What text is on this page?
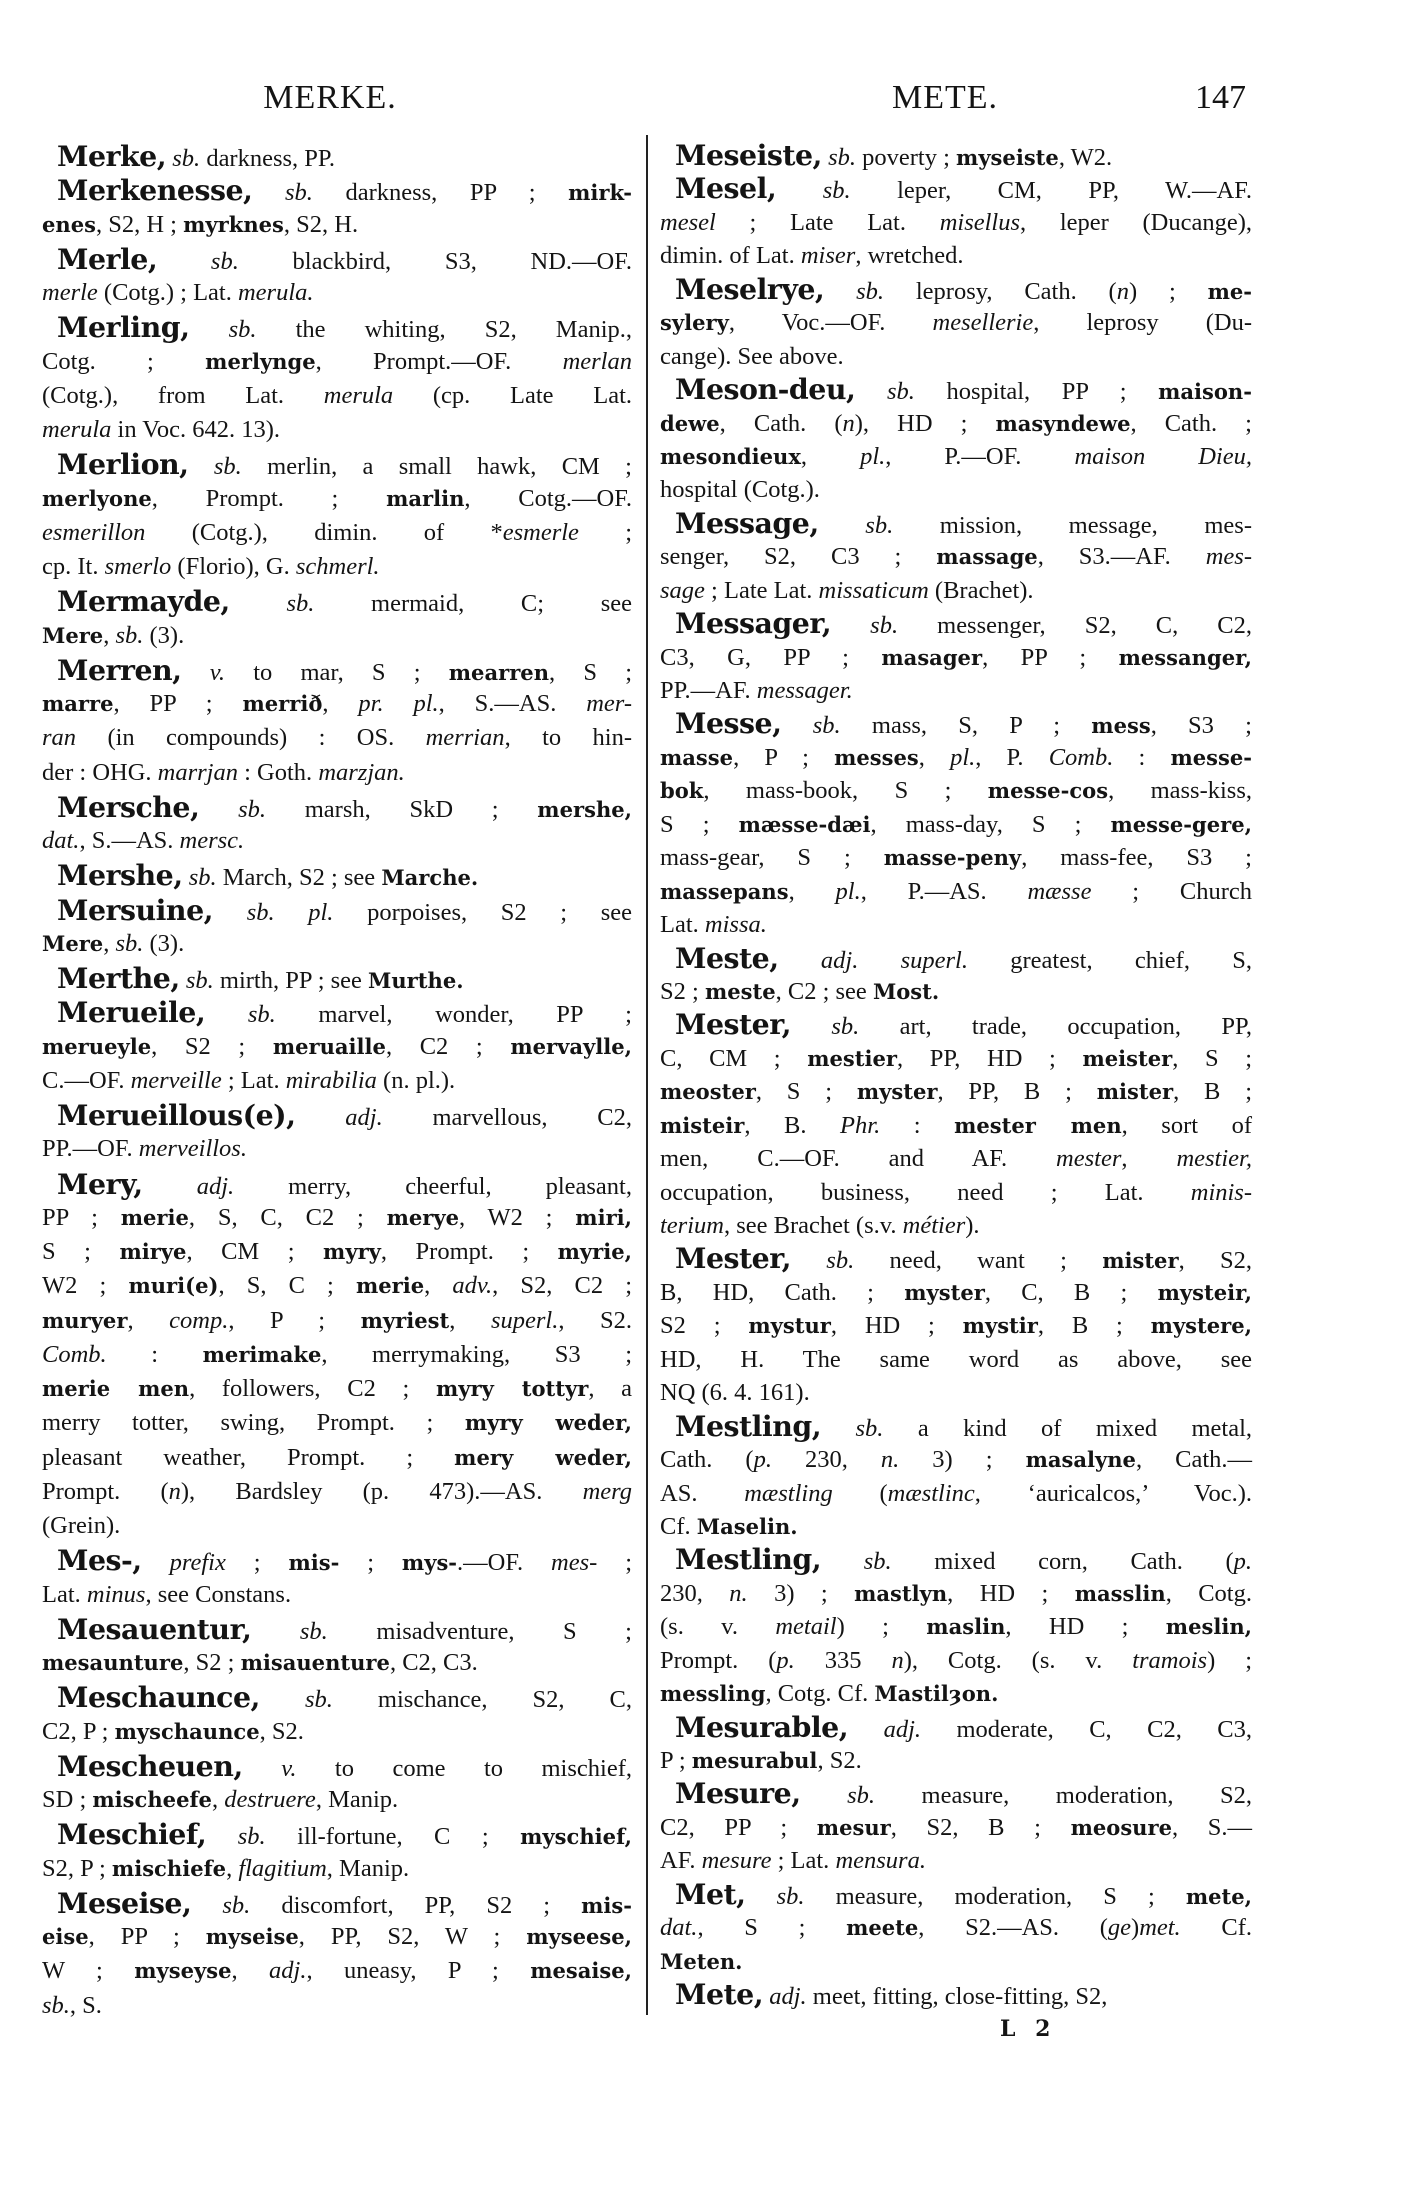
MERKE.	METE.	147
Merke, sb. darkness, PP.
Merkenesse, sb. darkness, PP ; mirk-
enes, S2, H ; myrknes, S2, H.
Merle, sb. blackbird, S3, ND.—OF.
merle (Cotg.) ; Lat. merula.
Merling, sb. the whiting, S2, Manip.,
Cotg. ; merlynge, Prompt.—OF. merlan
(Cotg.), from Lat. merula (cp. Late Lat.
merula in Voc. 642. 13).
Merlion, sb. merlin, a small hawk, CM ;
merlyone, Prompt. ; marlin, Cotg.—OF.
esmerillon (Cotg.), dimin. of *esmerle ;
cp. It. smerlo (Florio), G. schmerl.
Mermayde, sb. mermaid, C; see
Mere, sb. (3).
Merren, v. to mar, S ; mearren, S ;
marre, PP ; merrið, pr. pl., S.—AS. mer-
ran (in compounds) : OS. merrian, to hin-
der : OHG. marrjan : Goth. marzjan.
Mersche, sb. marsh, SkD ; mershe,
dat., S.—AS. mersc.
Mershe, sb. March, S2 ; see Marche.
Mersuine, sb. pl. porpoises, S2 ; see
Mere, sb. (3).
Merthe, sb. mirth, PP ; see Murthe.
Merueile, sb. marvel, wonder, PP ;
merueyle, S2 ; meruaille, C2 ; mervaylle,
C.—OF. merveille ; Lat. mirabilia (n. pl.).
Merueillous(e), adj. marvellous, C2,
PP.—OF. merveillos.
Mery, adj. merry, cheerful, pleasant,
PP ; merie, S, C, C2 ; merye, W2 ; miri,
S ; mirye, CM ; myry, Prompt. ; myrie,
W2 ; muri(e), S, C ; merie, adv., S2, C2 ;
muryer, comp., P ; myriest, superl., S2.
Comb. : merimake, merrymaking, S3 ;
merie men, followers, C2 ; myry tottyr, a
merry totter, swing, Prompt. ; myry weder,
pleasant weather, Prompt. ; mery weder,
Prompt. (n), Bardsley (p. 473).—AS. merg
(Grein).
Mes-, prefix ; mis- ; mys-.—OF. mes- ;
Lat. minus, see Constans.
Mesauentur, sb. misadventure, S ;
mesaunture, S2 ; misauenture, C2, C3.
Meschaunce, sb. mischance, S2, C,
C2, P ; myschaunce, S2.
Mescheuen, v. to come to mischief,
SD ; mischeefe, destruere, Manip.
Meschief, sb. ill-fortune, C ; myschief,
S2, P ; mischiefe, flagitium, Manip.
Meseise, sb. discomfort, PP, S2 ; mis-
eise, PP ; myseise, PP, S2, W ; myseese,
W ; myseyse, adj., uneasy, P ; mesaise,
sb., S.
Meseiste, sb. poverty ; myseiste, W2.
Mesel, sb. leper, CM, PP, W.—AF.
mesel ; Late Lat. misellus, leper (Ducange),
dimin. of Lat. miser, wretched.
Meselrye, sb. leprosy, Cath. (n) ; me-
sylery, Voc.—OF. mesellerie, leprosy (Du-
cange). See above.
Meson-deu, sb. hospital, PP ; maison-
dewe, Cath. (n), HD ; masyndewe, Cath. ;
mesondieux, pl., P.—OF. maison Dieu,
hospital (Cotg.).
Message, sb. mission, message, mes-
senger, S2, C3 ; massage, S3.—AF. mes-
sage ; Late Lat. missaticum (Brachet).
Messager, sb. messenger, S2, C, C2,
C3, G, PP ; masager, PP ; messanger,
PP.—AF. messager.
Messe, sb. mass, S, P ; mess, S3 ;
masse, P ; messes, pl., P. Comb. : messe-
bok, mass-book, S ; messe-cos, mass-kiss,
S ; mæsse-dæi, mass-day, S ; messe-gere,
mass-gear, S ; masse-peny, mass-fee, S3 ;
massepans, pl., P.—AS. mæsse ; Church
Lat. missa.
Meste, adj. superl. greatest, chief, S,
S2 ; meste, C2 ; see Most.
Mester, sb. art, trade, occupation, PP,
C, CM ; mestier, PP, HD ; meister, S ;
meoster, S ; myster, PP, B ; mister, B ;
misteir, B. Phr. : mester men, sort of
men, C.—OF. and AF. mester, mestier,
occupation, business, need ; Lat. minis-
terium, see Brachet (s.v. métier).
Mester, sb. need, want ; mister, S2,
B, HD, Cath. ; myster, C, B ; mysteir,
S2 ; mystur, HD ; mystir, B ; mystere,
HD, H. The same word as above, see
NQ (6. 4. 161).
Mestling, sb. a kind of mixed metal,
Cath. (p. 230, n. 3) ; masalyne, Cath.—
AS. mæstling (mæstlinc, ‘auricalcos,’ Voc.).
Cf. Maselin.
Mestling, sb. mixed corn, Cath. (p.
230, n. 3) ; mastlyn, HD ; masslin, Cotg.
(s. v. metail) ; maslin, HD ; meslin,
Prompt. (p. 335 n), Cotg. (s. v. tramois) ;
messling, Cotg. Cf. Mastilȝon.
Mesurable, adj. moderate, C, C2, C3,
P ; mesurabul, S2.
Mesure, sb. measure, moderation, S2,
C2, PP ; mesur, S2, B ; meosure, S.—
AF. mesure ; Lat. mensura.
Met, sb. measure, moderation, S ; mete,
dat., S ; meete, S2.—AS. (ge)met. Cf.
Meten.
Mete, adj. meet, fitting, close-fitting, S2,
L 2
